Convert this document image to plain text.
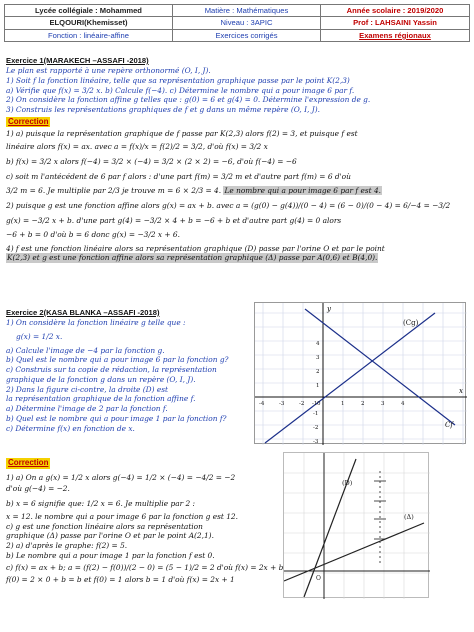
Lycée collégiale : Mohammed	Matière : Mathématiques	Année scolaire : 2019/2020
ELQOURI(Khemisset)	Niveau : 3APIC	Prof : LAHSAINI Yassin
Fonction : linéaire-affine	Exercices corrigés	Examens régionaux
Exercice 1(MARAKECH –ASSAFI -2018)
Le plan est rapporté à une repère orthonormé (O, I, J).
1) Soit f la fonction linéaire, telle que sa représentation graphique passe par le point K(2,3)
a) Vérifie que f(x) = 3/2 x. b) Calcule f(−4). c) Détermine le nombre qui a pour image 6 par f.
2) On considère la fonction affine g telles que : g(0) = 6 et g(4) = 0. Détermine l'expression de g.
3) Construis les représentations graphiques de f et g dans un même repère (O, I, J).
Correction
1) a) puisque la représentation graphique de f passe par K(2,3) alors f(2) = 3, et puisque f est
linéaire alors f(x) = ax. avec a = f(x)/x = f(2)/2 = 3/2, d'où f(x) = 3/2 x
b) f(x) = 3/2 x alors f(−4) = 3/2 × (−4) = 3/2 × (2 × 2) = −6, d'où f(−4) = −6
c) soit m l'antécédent de 6 par f alors : d'une part f(m) = 3/2 m et d'autre part f(m) = 6 d'où
3/2 m = 6. Je multiplie par 2/3 je trouve m = 6 × 2/3 = 4. Le nombre qui a pour image 6 par f est 4.
2) puisque g est une fonction affine alors g(x) = ax + b. avec a = (g(0) − g(4))/(0 − 4) = (6 − 0)/(0 − 4) = 6/−4 = −3/2
g(x) = −3/2 x + b. d'une part g(4) = −3/2 × 4 + b = −6 + b et d'autre part g(4) = 0 alors
−6 + b = 0 d'où b = 6 donc g(x) = −3/2 x + 6.
4) f est une fonction linéaire alors sa représentation graphique (D) passe par l'orine O et par le point
K(2,3) et g est une fonction affine alors sa représentation graphique (Δ) passe par A(0,6) et B(4,0).
Exercice 2(KASA BLANKA –ASSAFI -2018)
1) On considère la fonction linéaire g telle que :
g(x) = 1/2 x.
a) Calcule l'image de −4 par la fonction g.
b) Quel est le nombre qui a pour image 6 par la fonction g?
c) Construis sur ta copie de rédaction, la représentation
graphique de la fonction g dans un repère (O, I, J).
2) Dans la figure ci-contre, la droite (D) est
la représentation graphique de la fonction affine f.
a) Détermine l'image de 2 par la fonction f.
b) Quel est le nombre qui a pour image 1 par la fonction f?
c) Détermine f(x) en fonction de x.
Correction
1) a) On a g(x) = 1/2 x alors g(−4) = 1/2 × (−4) = −4/2 = −2
d'où g(−4) = −2.
b) x = 6 signifie que: 1/2 x = 6. Je multiplie par 2 :
x = 12. le nombre qui a pour image 6 par la fonction g est 12.
c) g est une fonction linéaire alors sa représentation
graphique (Δ) passe par l'orine O et par le point A(2,1).
2) a) d'après le graphe: f(2) = 5.
b) Le nombre qui a pour image 1 par la fonction f est 0.
c) f(x) = ax + b; a = (f(2) − f(0))/(2 − 0) = (5 − 1)/2 = 2 d'où f(x) = 2x + b
f(0) = 2 × 0 + b = b et f(0) = 1 alors b = 1 d'où f(x) = 2x + 1
(Cg)
Cf
y
x
-4	-3	-2 -1 0	1	2	3	4
4
3
2
1
-1
-2
-3
(D)
(Δ)
O
